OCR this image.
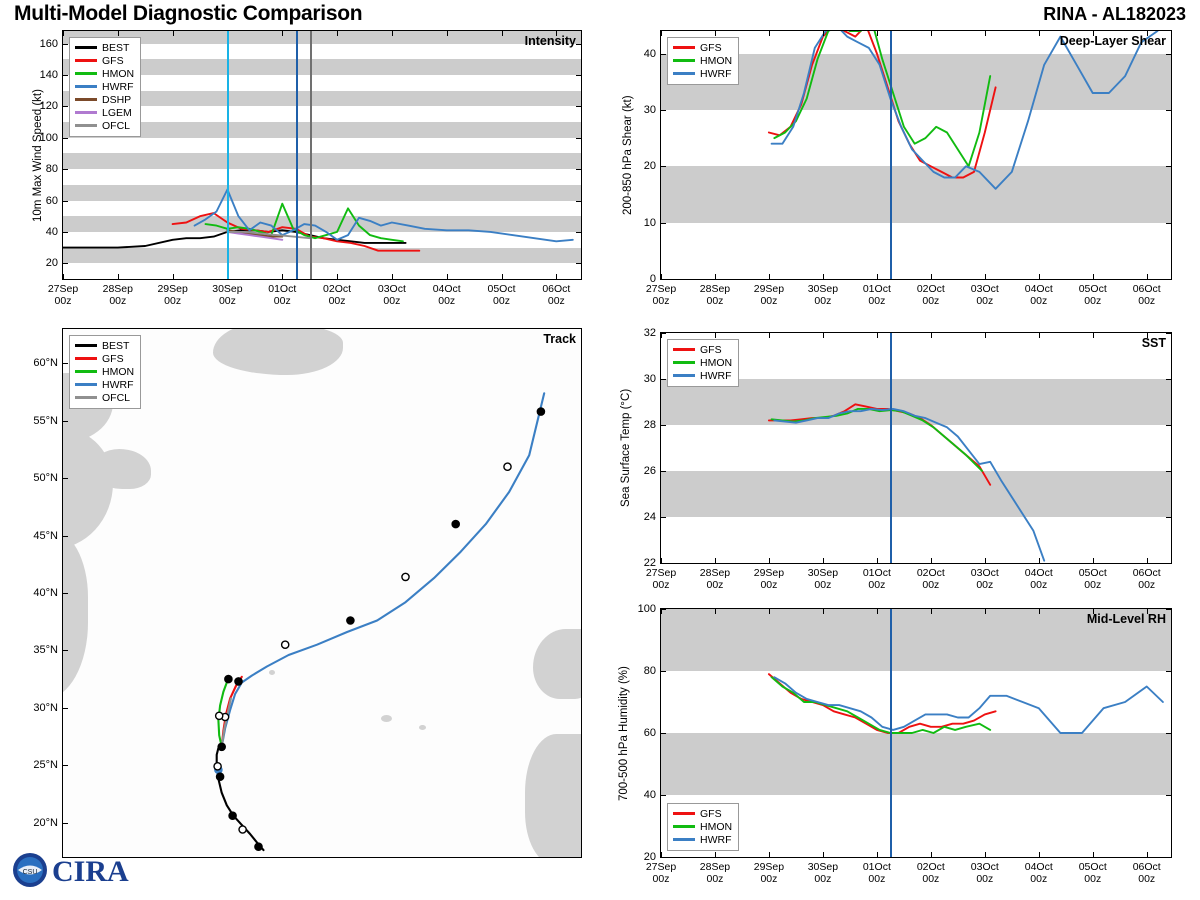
Multi-Model Diagnostic Comparison	RINA - AL182023
Intensity
BEST
GFS
HMON
HWRF
DSHP
LGEM
OFCL
10m Max Wind Speed (kt)
Track
BEST
GFS
HMON
HWRF
OFCL
Deep-Layer Shear
GFS
HMON
HWRF
200-850 hPa Shear (kt)
SST
GFS
HMON
HWRF
Sea Surface Temp (°C)
Mid-Level RH
GFS
HMON
HWRF
700-500 hPa Humidity (%)
CSU CIRA
20
40
60
80
100
120
140
160
27Sep
00z
28Sep
00z
29Sep
00z
30Sep
00z
01Oct
00z
02Oct
00z
03Oct
00z
04Oct
00z
05Oct
00z
06Oct
00z
0
10
20
30
40
27Sep
00z
28Sep
00z
29Sep
00z
30Sep
00z
01Oct
00z
02Oct
00z
03Oct
00z
04Oct
00z
05Oct
00z
06Oct
00z
22
24
26
28
30
32
27Sep
00z
28Sep
00z
29Sep
00z
30Sep
00z
01Oct
00z
02Oct
00z
03Oct
00z
04Oct
00z
05Oct
00z
06Oct
00z
20
40
60
80
100
27Sep
00z
28Sep
00z
29Sep
00z
30Sep
00z
01Oct
00z
02Oct
00z
03Oct
00z
04Oct
00z
05Oct
00z
06Oct
00z
20°N
25°N
30°N
35°N
40°N
45°N
50°N
55°N
60°N
